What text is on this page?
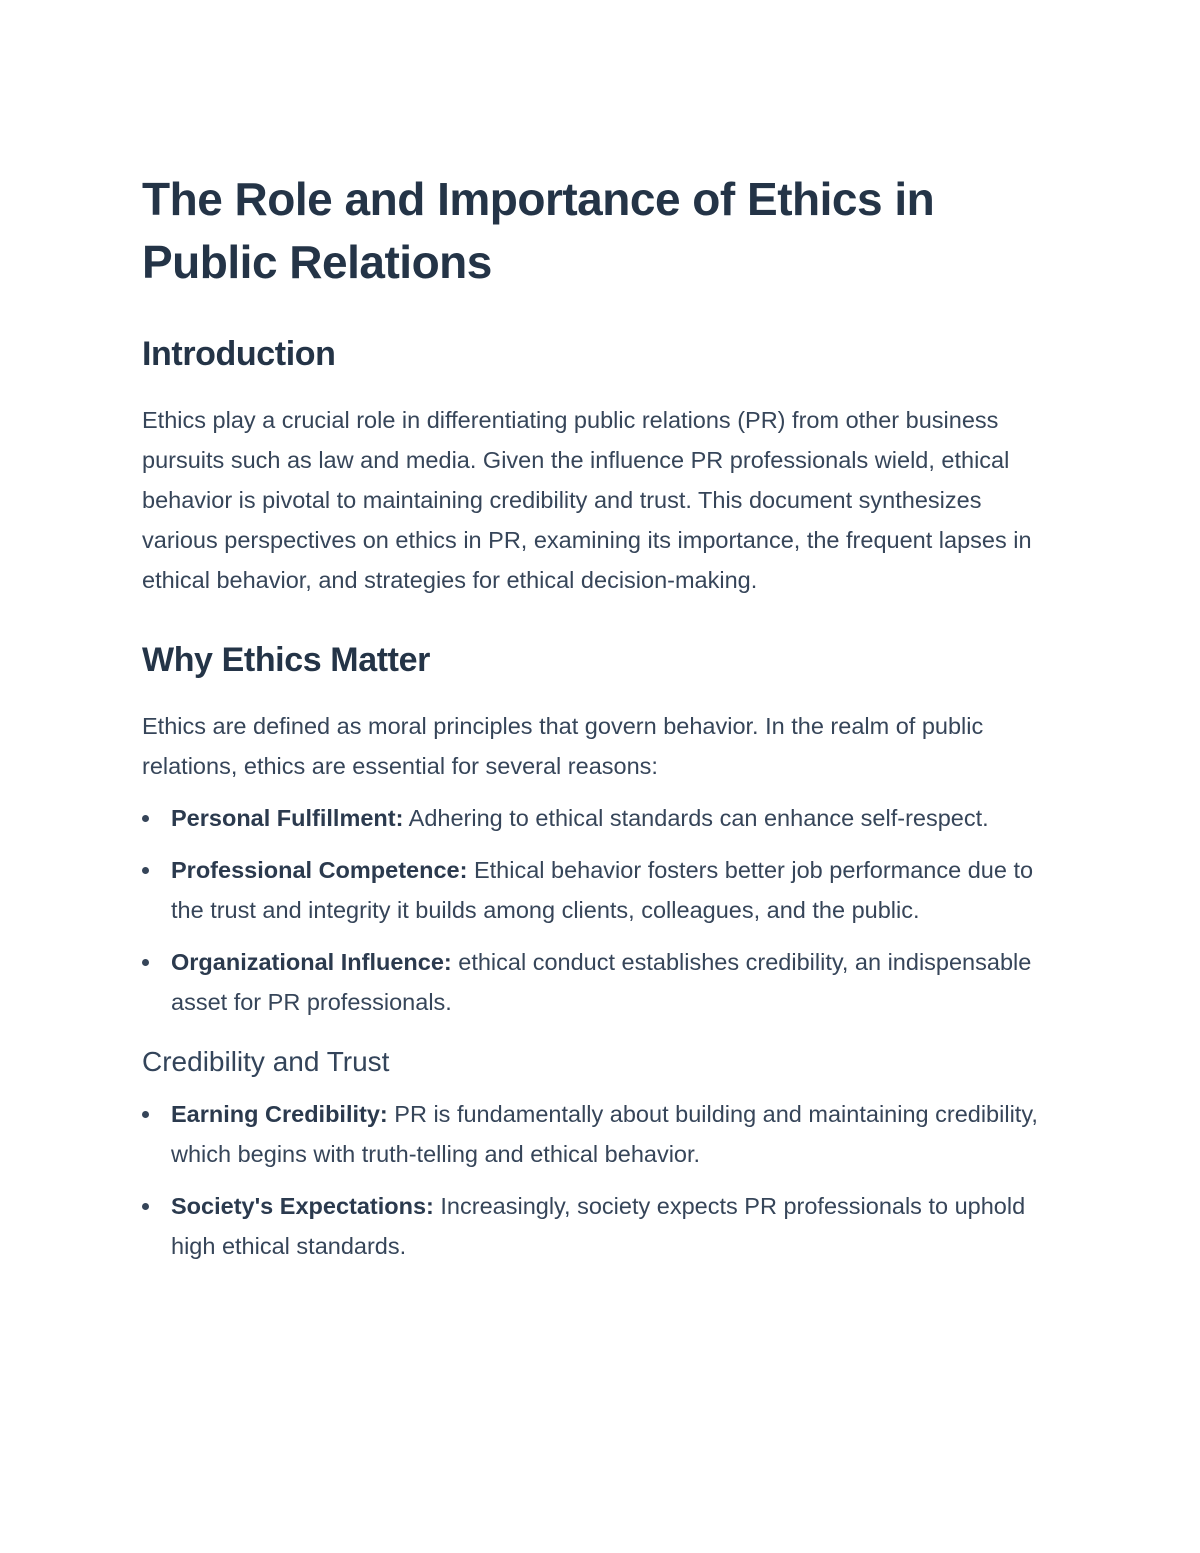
The Role and Importance of Ethics in Public Relations
Introduction

Ethics play a crucial role in differentiating public relations (PR) from other business pursuits such as law and media. Given the influence PR professionals wield, ethical behavior is pivotal to maintaining credibility and trust. This document synthesizes various perspectives on ethics in PR, examining its importance, the frequent lapses in ethical behavior, and strategies for ethical decision-making.

Why Ethics Matter

Ethics are defined as moral principles that govern behavior. In the realm of public relations, ethics are essential for several reasons:

Personal Fulfillment: Adhering to ethical standards can enhance self-respect.
Professional Competence: Ethical behavior fosters better job performance due to the trust and integrity it builds among clients, colleagues, and the public.
Organizational Influence: ethical conduct establishes credibility, an indispensable asset for PR professionals.
Credibility and Trust
Earning Credibility: PR is fundamentally about building and maintaining credibility, which begins with truth-telling and ethical behavior.
Society's Expectations: Increasingly, society expects PR professionals to uphold high ethical standards.
